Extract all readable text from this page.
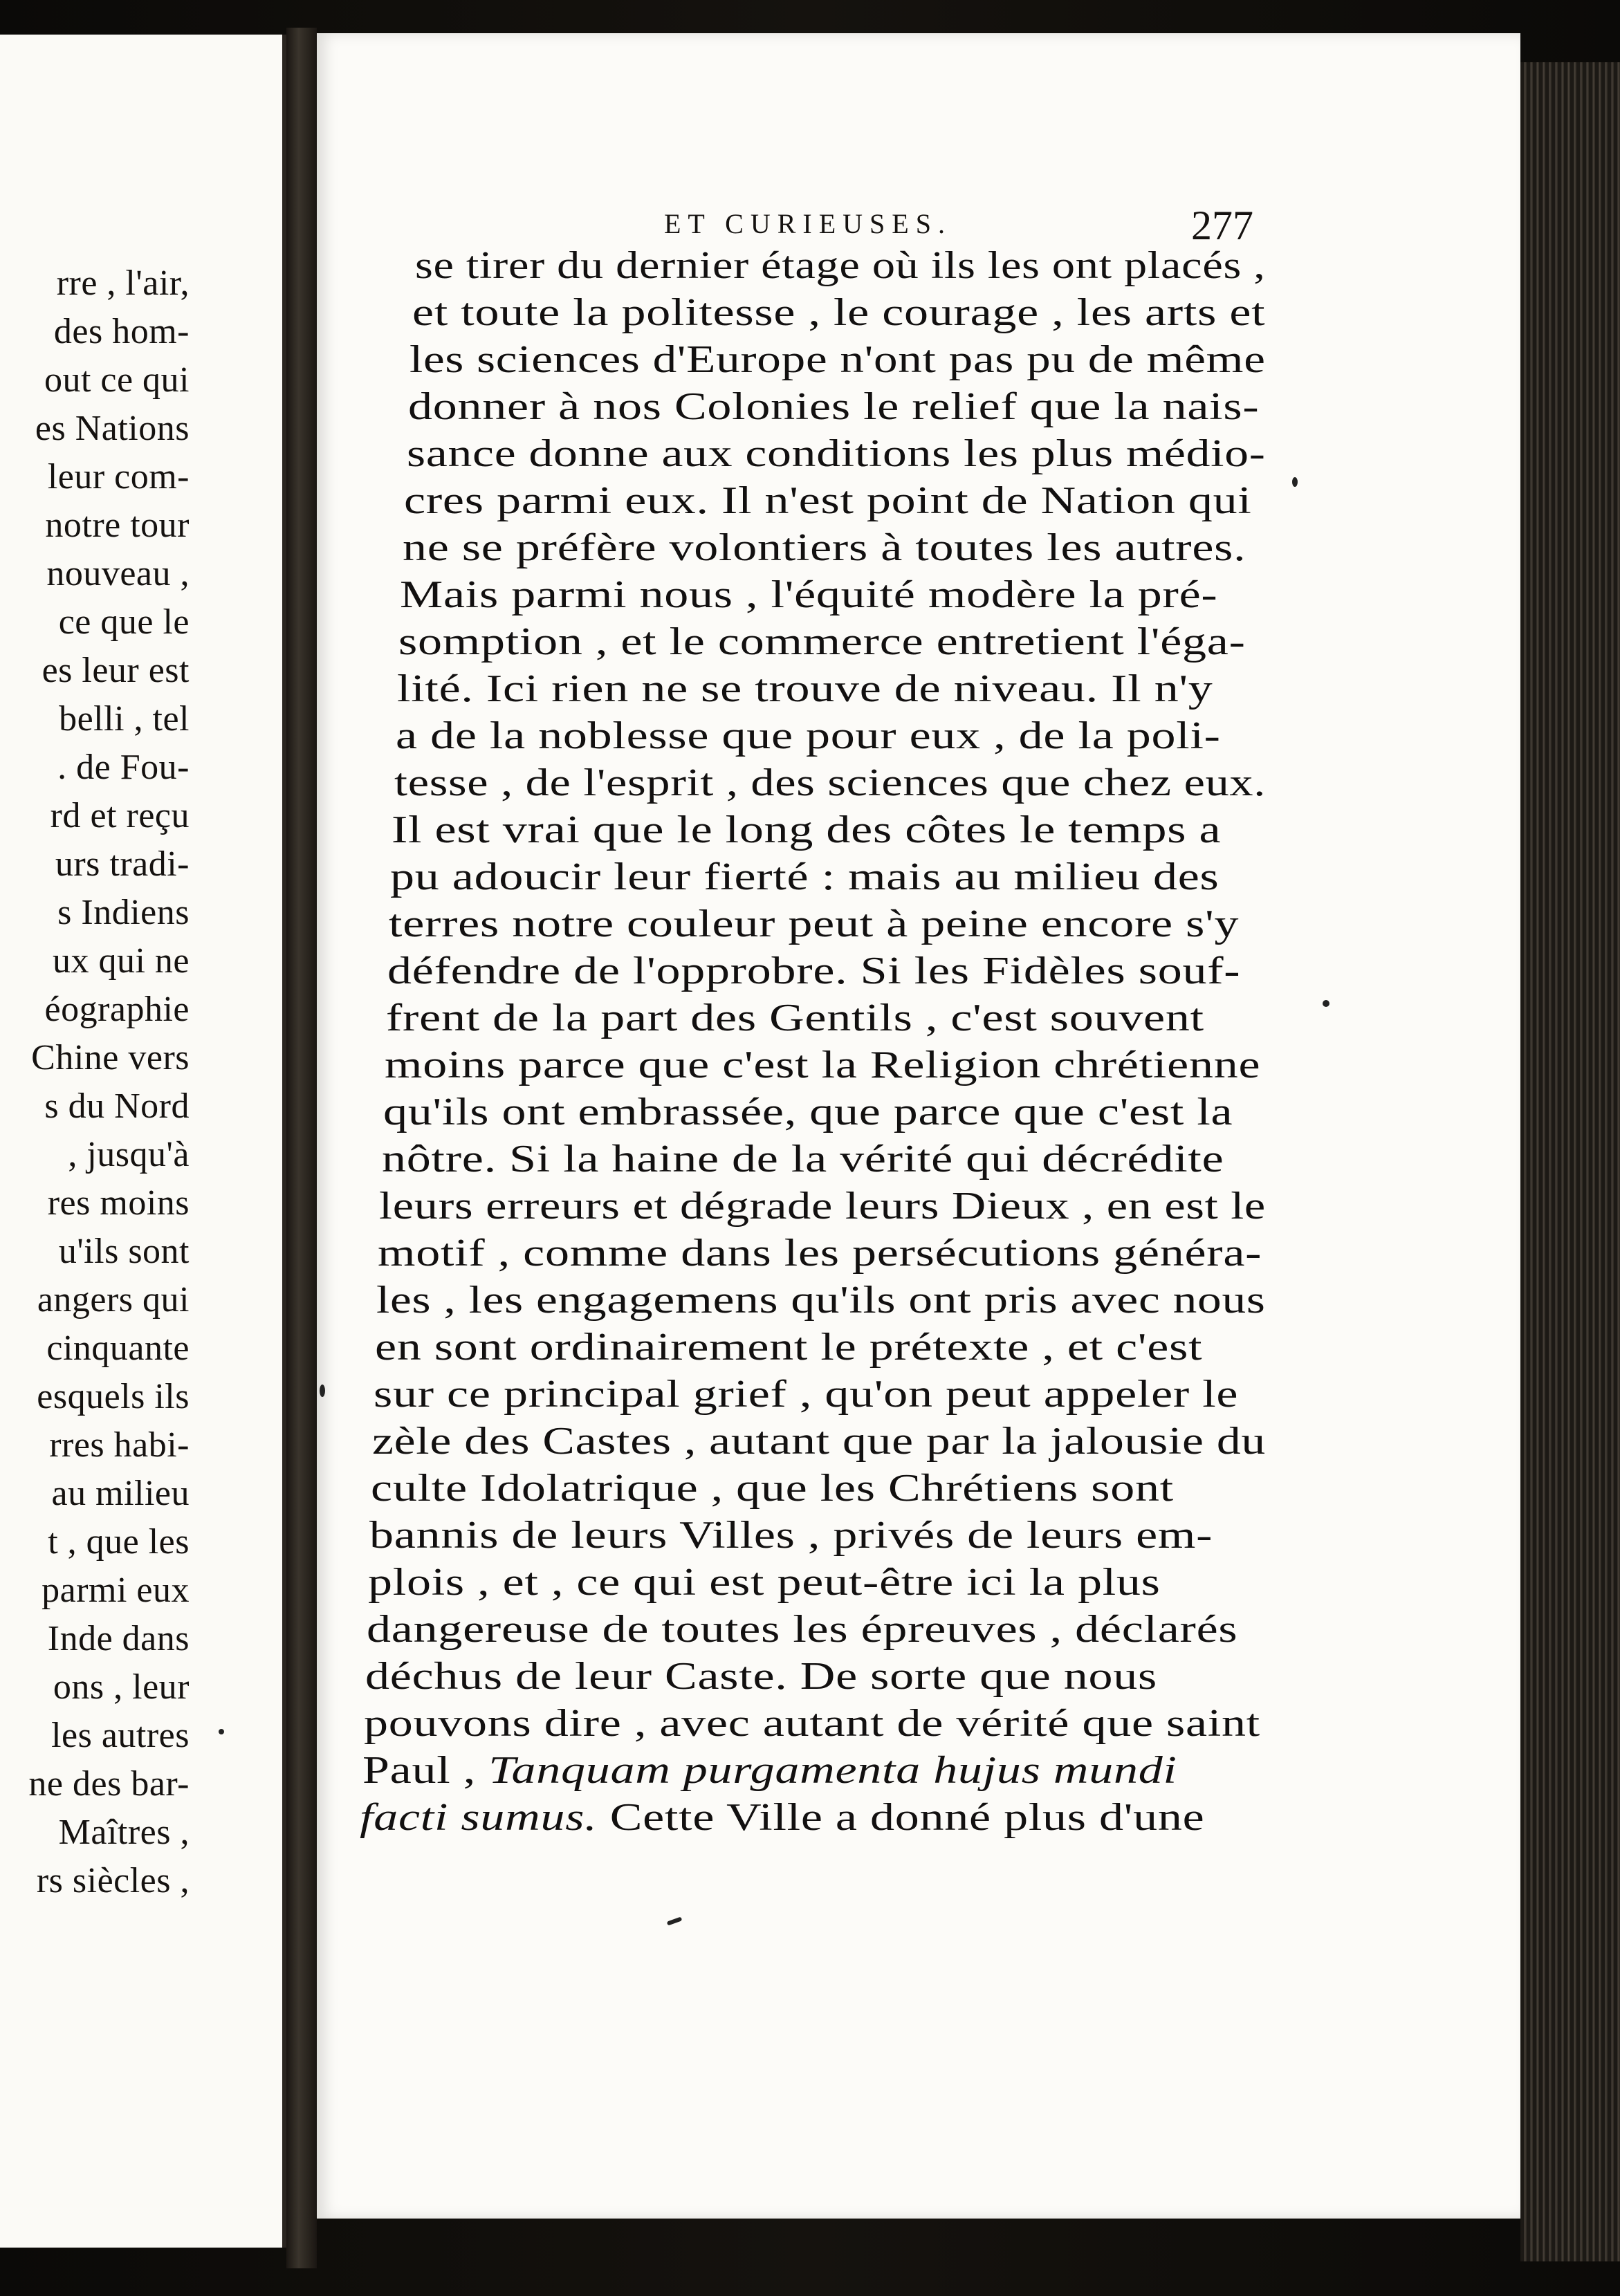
rre , l'air,
des hom-
out ce qui
es Nations
leur com-
notre tour
nouveau ,
ce que le
es leur est
belli , tel
. de Fou-
rd et reçu
urs tradi-
s Indiens
ux qui ne
éographie
Chine vers
s du Nord
, jusqu'à
res moins
u'ils sont
angers qui
cinquante
esquels ils
rres habi-
au milieu
t , que les
parmi eux
Inde dans
ons , leur
les autres
ne des bar-
Maîtres ,
rs siècles ,
ET CURIEUSES.	277
se tirer du dernier étage où ils les ont placés ,
et toute la politesse , le courage , les arts et
les sciences d'Europe n'ont pas pu de même
donner à nos Colonies le relief que la nais-
sance donne aux conditions les plus médio-
cres parmi eux. Il n'est point de Nation qui
ne se préfère volontiers à toutes les autres.
Mais parmi nous , l'équité modère la pré-
somption , et le commerce entretient l'éga-
lité. Ici rien ne se trouve de niveau. Il n'y
a de la noblesse que pour eux , de la poli-
tesse , de l'esprit , des sciences que chez eux.
Il est vrai que le long des côtes le temps a
pu adoucir leur fierté : mais au milieu des
terres notre couleur peut à peine encore s'y
défendre de l'opprobre. Si les Fidèles souf-
frent de la part des Gentils , c'est souvent
moins parce que c'est la Religion chrétienne
qu'ils ont embrassée, que parce que c'est la
nôtre. Si la haine de la vérité qui décrédite
leurs erreurs et dégrade leurs Dieux , en est le
motif , comme dans les persécutions généra-
les , les engagemens qu'ils ont pris avec nous
en sont ordinairement le prétexte , et c'est
sur ce principal grief , qu'on peut appeler le
zèle des Castes , autant que par la jalousie du
culte Idolatrique , que les Chrétiens sont
bannis de leurs Villes , privés de leurs em-
plois , et , ce qui est peut-être ici la plus
dangereuse de toutes les épreuves , déclarés
déchus de leur Caste. De sorte que nous
pouvons dire , avec autant de vérité que saint
Paul , Tanquam purgamenta hujus mundi
facti sumus. Cette Ville a donné plus d'une
